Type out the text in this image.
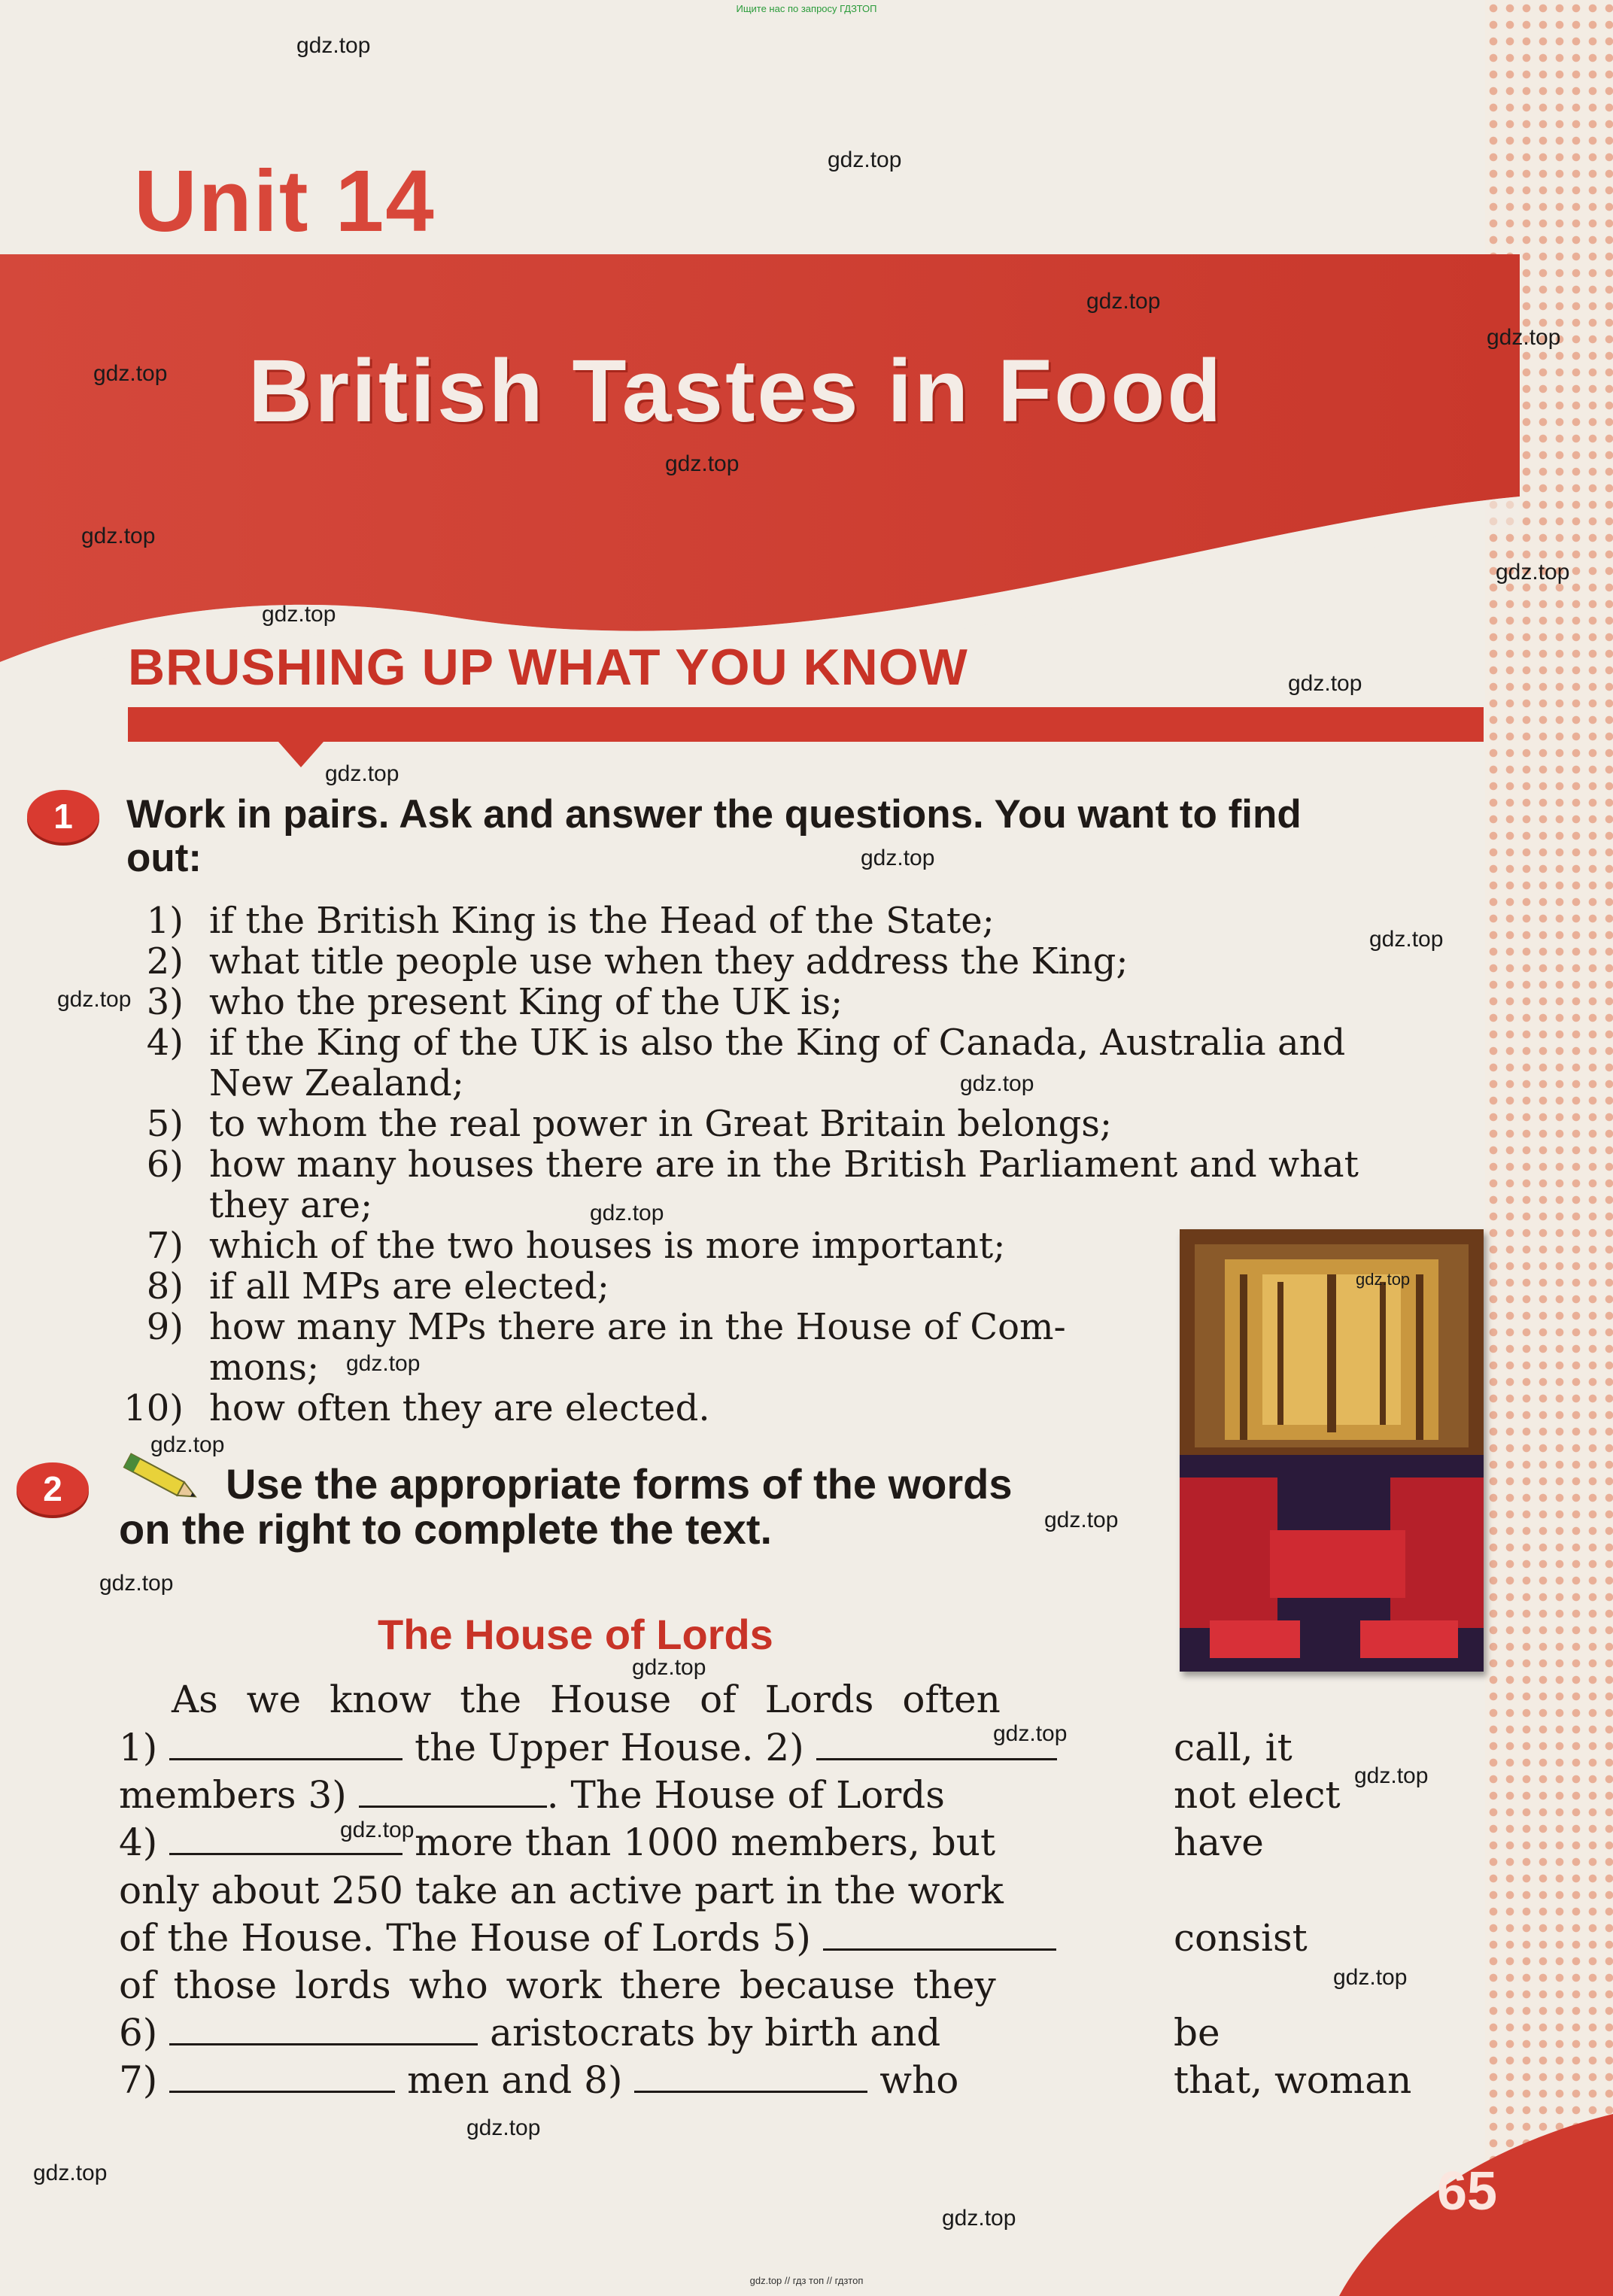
Ищите нас по запросу ГДЗТОП
Unit 14
British Tastes in Food
BRUSHING UP WHAT YOU KNOW
1	Work in pairs. Ask and answer the questions. You want to find
out:
1) if the British King is the Head of the State;
2) what title people use when they address the King;
3) who the present King of the UK is;
4) if the King of the UK is also the King of Canada, Australia and
New Zealand;
5) to whom the real power in Great Britain belongs;
6) how many houses there are in the British Parliament and what
they are;
7) which of the two houses is more important;
8) if all MPs are elected;
9) how many MPs there are in the House of Com-
mons;
10) how often they are elected.
2	Use the appropriate forms of the words
on the right to complete the text.
The House of Lords
As we know the House of Lords often
1)	the Upper House. 2)
members 3)	. The House of Lords
4)	more than 1000 members, but
only about 250 take an active part in the work
of the House. The House of Lords 5)
of those lords who work there because they
6)	aristocrats by birth and
7)	men and 8)	who
call, it
not elect
have
consist
be
that, woman
65
gdz.top // гдз топ // гдзтоп
gdz.top
gdz.top
gdz.top
gdz.top
gdz.top
gdz.top
gdz.top
gdz.top
gdz.top
gdz.top
gdz.top
gdz.top
gdz.top
gdz.top
gdz.top
gdz.top
gdz.top
gdz.top
gdz.top
gdz.top
gdz.top
gdz.top
gdz.top
gdz.top
gdz.top
gdz.top
gdz.top
gdz.top
gdz.top
